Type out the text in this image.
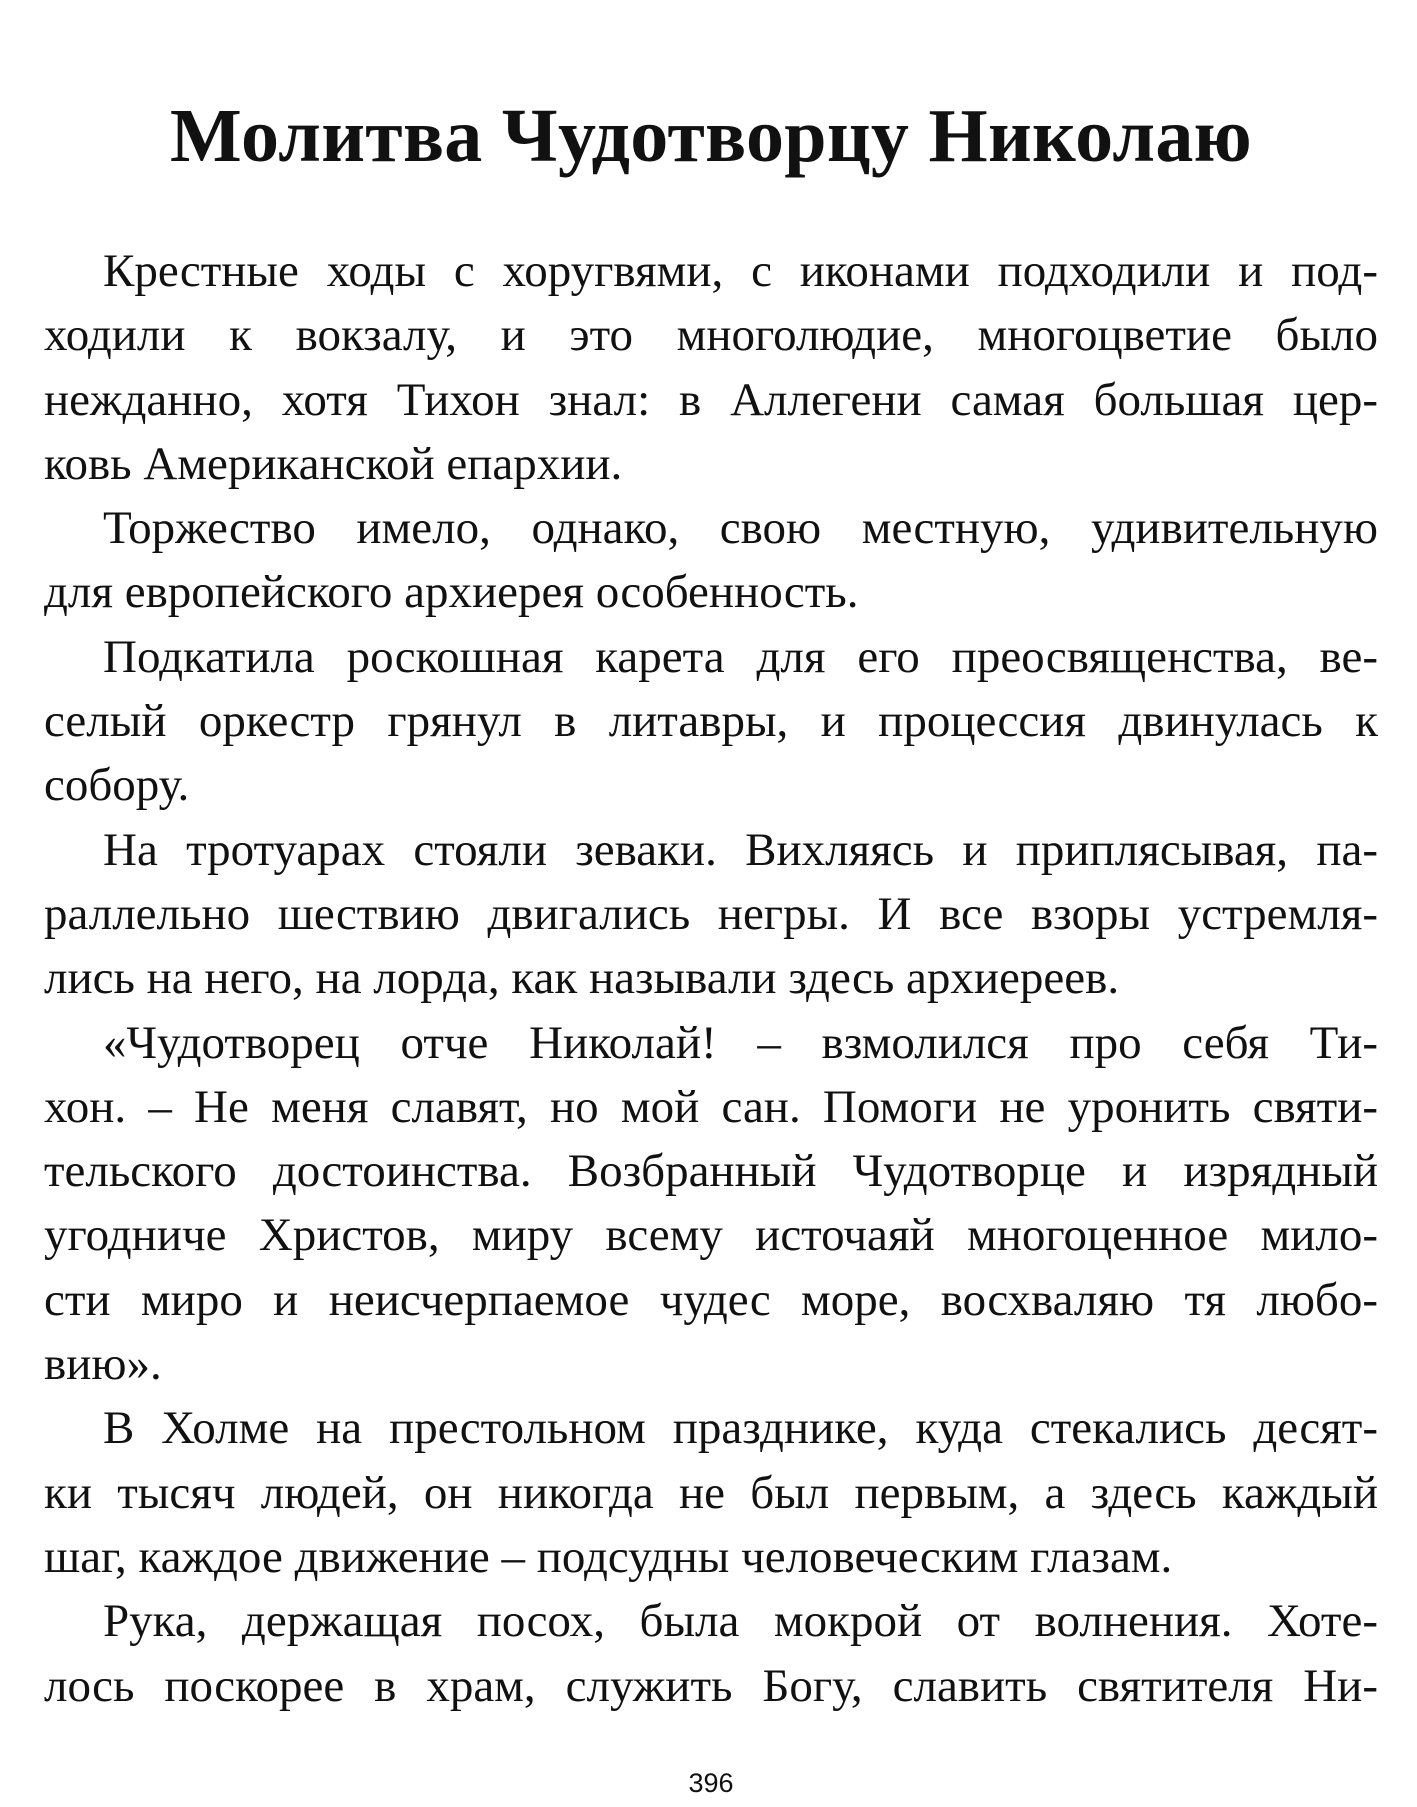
Молитва Чудотворцу Николаю

Крестные ходы с хоругвями, с иконами подходили и под-
ходили к вокзалу, и это многолюдие, многоцветие было
нежданно, хотя Тихон знал: в Аллегени самая большая цер-
ковь Американской епархии.

Торжество имело, однако, свою местную, удивительную
для европейского архиерея особенность.

Подкатила роскошная карета для его преосвященства, ве-
селый оркестр грянул в литавры, и процессия двинулась к
собору.

На тротуарах стояли зеваки. Вихляясь и приплясывая, па-
раллельно шествию двигались негры. И все взоры устремля-
лись на него, на лорда, как называли здесь архиереев.

«Чудотворец отче Николай! – взмолился про себя Ти-
хон. – Не меня славят, но мой сан. Помоги не уронить святи-
тельского достоинства. Возбранный Чудотворце и изрядный
угодниче Христов, миру всему источаяй многоценное мило-
сти миро и неисчерпаемое чудес море, восхваляю тя любо-
вию».

В Холме на престольном празднике, куда стекались десят-
ки тысяч людей, он никогда не был первым, а здесь каждый
шаг, каждое движение – подсудны человеческим глазам.

Рука, держащая посох, была мокрой от волнения. Хоте-
лось поскорее в храм, служить Богу, славить святителя Ни-

396
